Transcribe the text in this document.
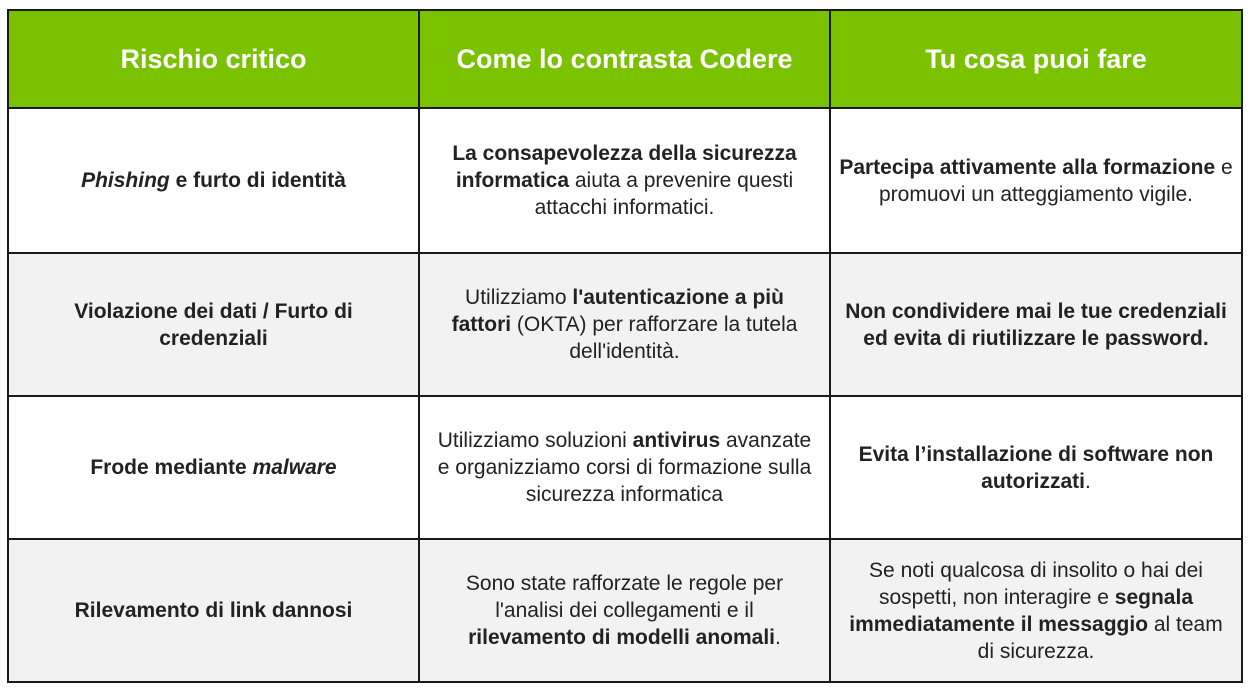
Rischio critico	Come lo contrasta Codere	Tu cosa puoi fare
Phishing e furto di identità	La consapevolezza della sicurezza informatica aiuta a prevenire questi attacchi informatici.	Partecipa attivamente alla formazione e promuovi un atteggiamento vigile.
Violazione dei dati / Furto di credenziali	Utilizziamo l'autenticazione a più fattori (OKTA) per rafforzare la tutela dell'identità.	Non condividere mai le tue credenziali ed evita di riutilizzare le password.
Frode mediante malware	Utilizziamo soluzioni antivirus avanzate e organizziamo corsi di formazione sulla sicurezza informatica	Evita l’installazione di software non autorizzati.
Rilevamento di link dannosi	Sono state rafforzate le regole per l'analisi dei collegamenti e il rilevamento di modelli anomali.	Se noti qualcosa di insolito o hai dei sospetti, non interagire e segnala immediatamente il messaggio al team di sicurezza.
